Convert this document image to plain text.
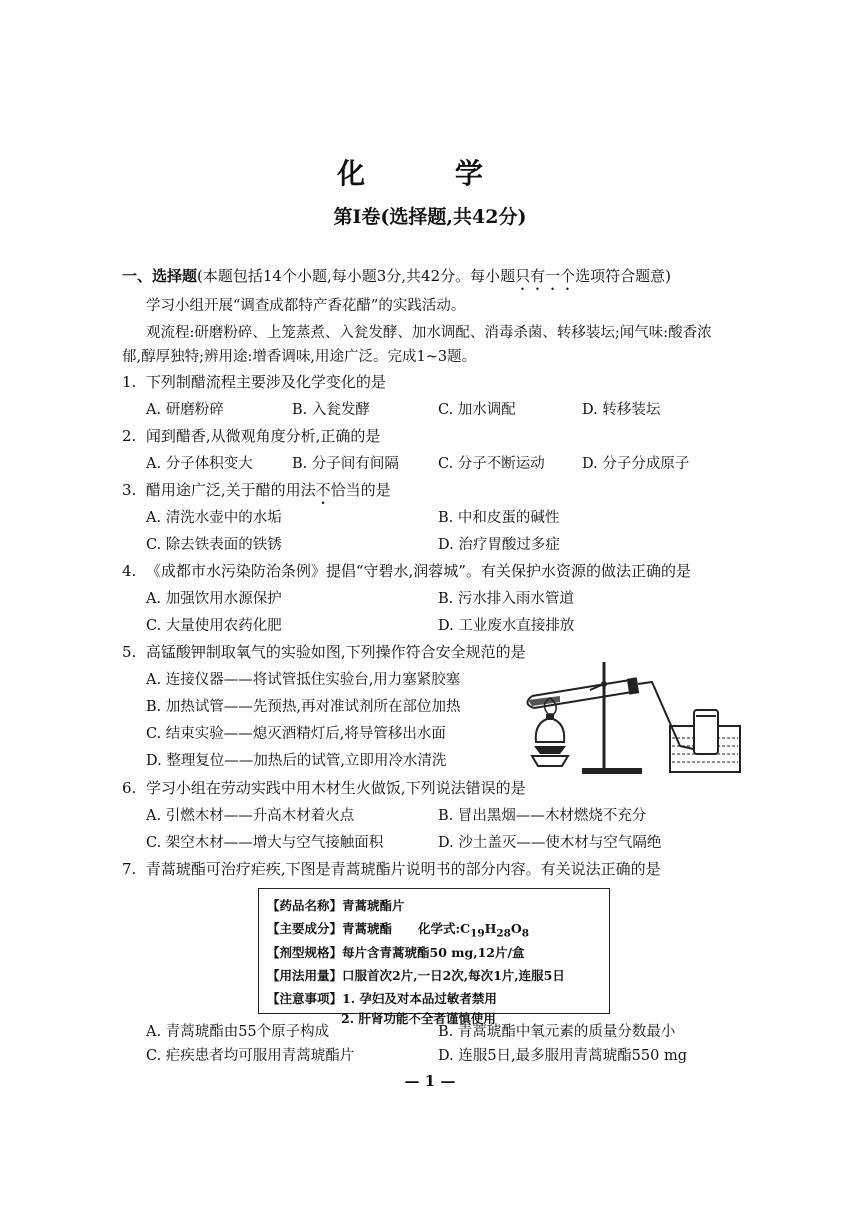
化 学
第Ⅰ卷(选择题,共42分)
一、选择题(本题包括14个小题,每小题3分,共42分。每小题只有一个选项符合题意)
学习小组开展“调查成都特产香花醋”的实践活动。
观流程:研磨粉碎、上笼蒸煮、入瓮发酵、加水调配、消毒杀菌、转移装坛;闻气味:酸香浓
郁,醇厚独特;辨用途:增香调味,用途广泛。完成1~3题。
1. 下列制醋流程主要涉及化学变化的是
A. 研磨粉碎	B. 入瓮发酵	C. 加水调配	D. 转移装坛
2. 闻到醋香,从微观角度分析,正确的是
A. 分子体积变大	B. 分子间有间隔	C. 分子不断运动	D. 分子分成原子
3. 醋用途广泛,关于醋的用法不恰当的是
A. 清洗水壶中的水垢	B. 中和皮蛋的碱性
C. 除去铁表面的铁锈	D. 治疗胃酸过多症
4. 《成都市水污染防治条例》提倡“守碧水,润蓉城”。有关保护水资源的做法正确的是
A. 加强饮用水源保护	B. 污水排入雨水管道
C. 大量使用农药化肥	D. 工业废水直接排放
5. 高锰酸钾制取氧气的实验如图,下列操作符合安全规范的是
A. 连接仪器——将试管抵住实验台,用力塞紧胶塞
B. 加热试管——先预热,再对准试剂所在部位加热
C. 结束实验——熄灭酒精灯后,将导管移出水面
D. 整理复位——加热后的试管,立即用冷水清洗
6. 学习小组在劳动实践中用木材生火做饭,下列说法错误的是
A. 引燃木材——升高木材着火点	B. 冒出黑烟——木材燃烧不充分
C. 架空木材——增大与空气接触面积	D. 沙土盖灭——使木材与空气隔绝
7. 青蒿琥酯可治疗疟疾,下图是青蒿琥酯片说明书的部分内容。有关说法正确的是
【药品名称】青蒿琥酯片
【主要成分】青蒿琥酯 化学式$:C_{19}H_{28}O_8$
【剂型规格】每片含青蒿琥酯50 mg,12片/盒
【用法用量】口服首次2片,一日2次,每次1片,连服5日
【注意事项】1. 孕妇及对本品过敏者禁用
2. 肝肾功能不全者谨慎使用
A. 青蒿琥酯由55个原子构成	B. 青蒿琥酯中氧元素的质量分数最小
C. 疟疾患者均可服用青蒿琥酯片	D. 连服5日,最多服用青蒿琥酯550 mg
— 1 —
